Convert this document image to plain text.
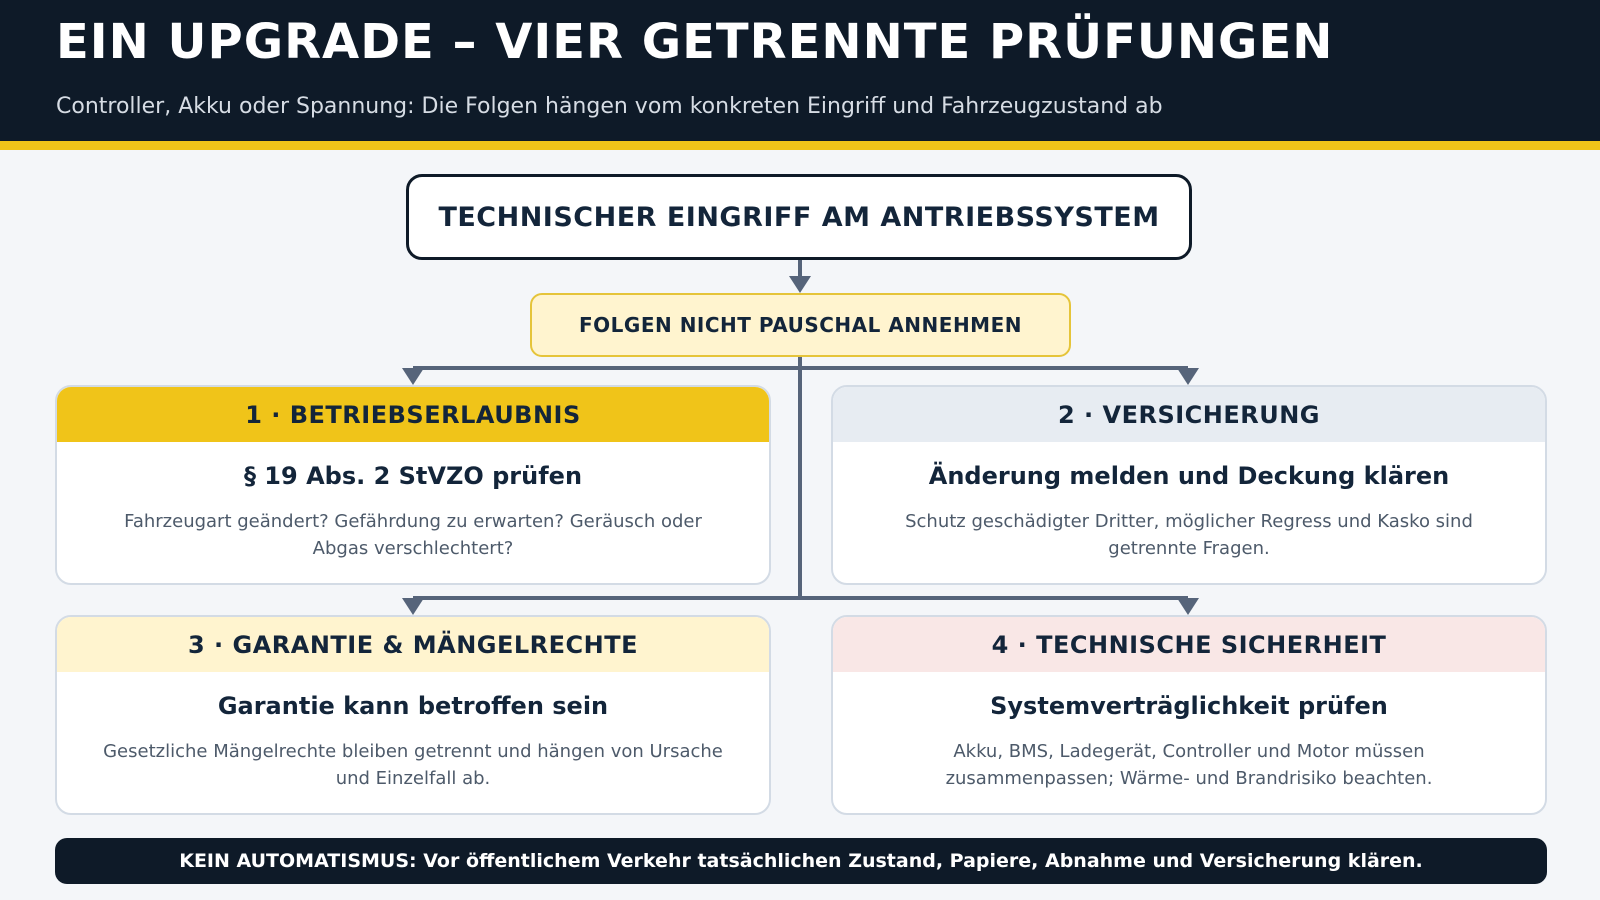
EIN UPGRADE – VIER GETRENNTE PRÜFUNGEN
Controller, Akku oder Spannung: Die Folgen hängen vom konkreten Eingriff und Fahrzeugzustand ab
TECHNISCHER EINGRIFF AM ANTRIEBSSYSTEM
FOLGEN NICHT PAUSCHAL ANNEHMEN
1 · BETRIEBSERLAUBNIS
§ 19 Abs. 2 StVZO prüfen
Fahrzeugart geändert? Gefährdung zu erwarten? Geräusch oder Abgas verschlechtert?
2 · VERSICHERUNG
Änderung melden und Deckung klären
Schutz geschädigter Dritter, möglicher Regress und Kasko sind getrennte Fragen.
3 · GARANTIE & MÄNGELRECHTE
Garantie kann betroffen sein
Gesetzliche Mängelrechte bleiben getrennt und hängen von Ursache und Einzelfall ab.
4 · TECHNISCHE SICHERHEIT
Systemverträglichkeit prüfen
Akku, BMS, Ladegerät, Controller und Motor müssen zusammenpassen; Wärme- und Brandrisiko beachten.
KEIN AUTOMATISMUS: Vor öffentlichem Verkehr tatsächlichen Zustand, Papiere, Abnahme und Versicherung klären.
